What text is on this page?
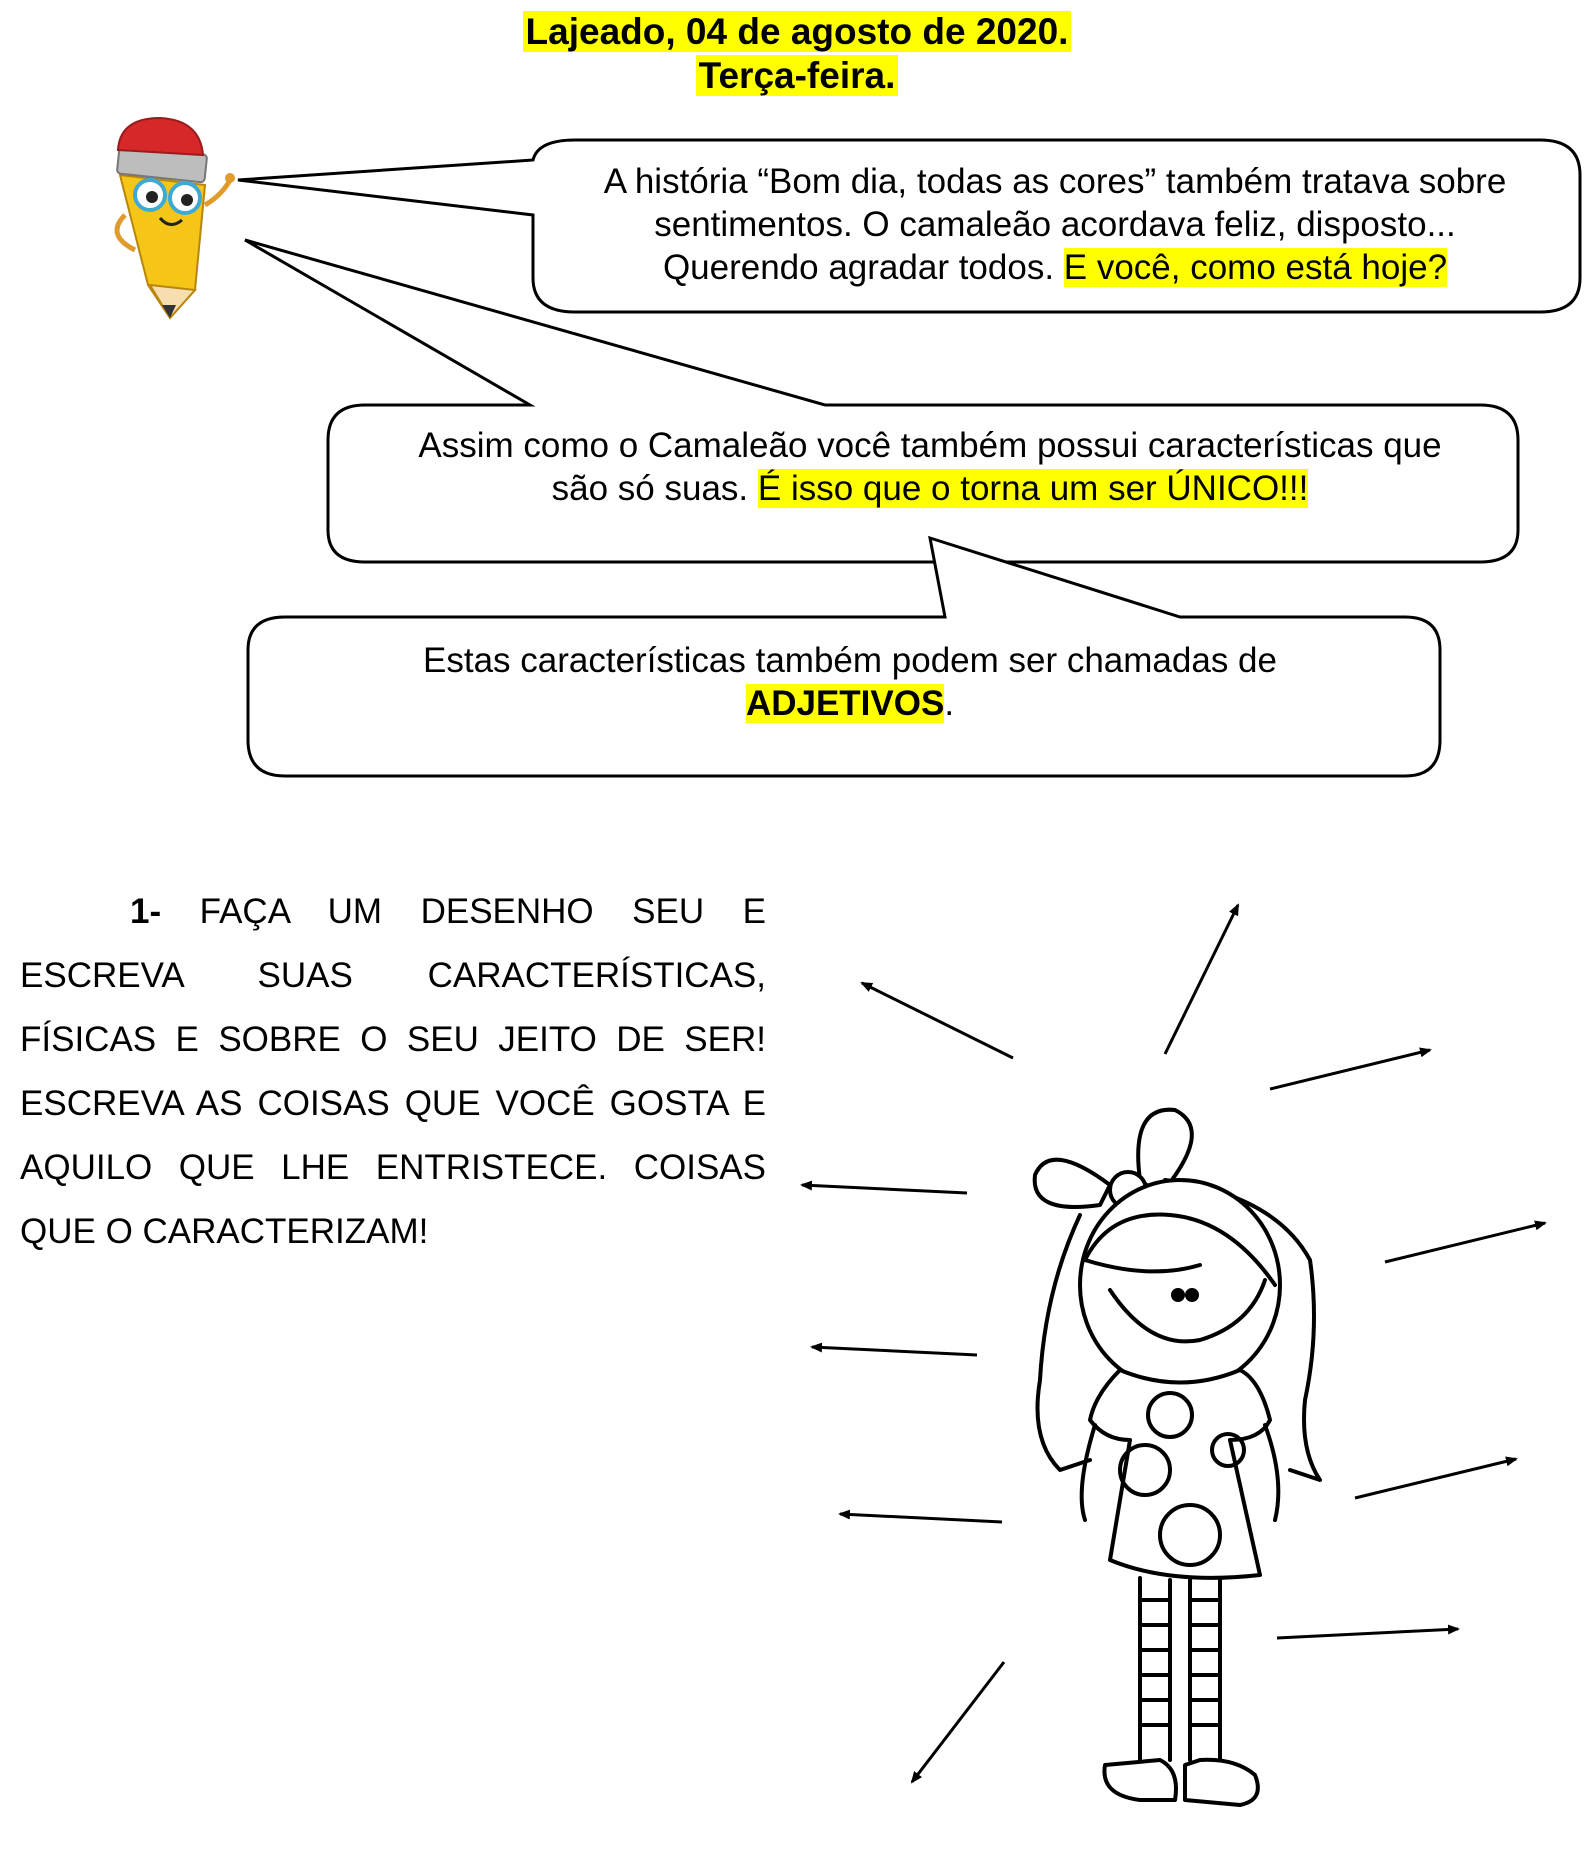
Lajeado, 04 de agosto de 2020.
Terça-feira.
A história “Bom dia, todas as cores” também tratava sobre
sentimentos. O camaleão acordava feliz, disposto...
Querendo agradar todos. E você, como está hoje?
Assim como o Camaleão você também possui características que
são só suas. É isso que o torna um ser ÚNICO!!!
Estas características também podem ser chamadas de
ADJETIVOS.
1- FAÇA UM DESENHO SEU E ESCREVA SUAS CARACTERÍSTICAS, FÍSICAS E SOBRE O SEU JEITO DE SER! ESCREVA AS COISAS QUE VOCÊ GOSTA E AQUILO QUE LHE ENTRISTECE. COISAS QUE O CARACTERIZAM!
